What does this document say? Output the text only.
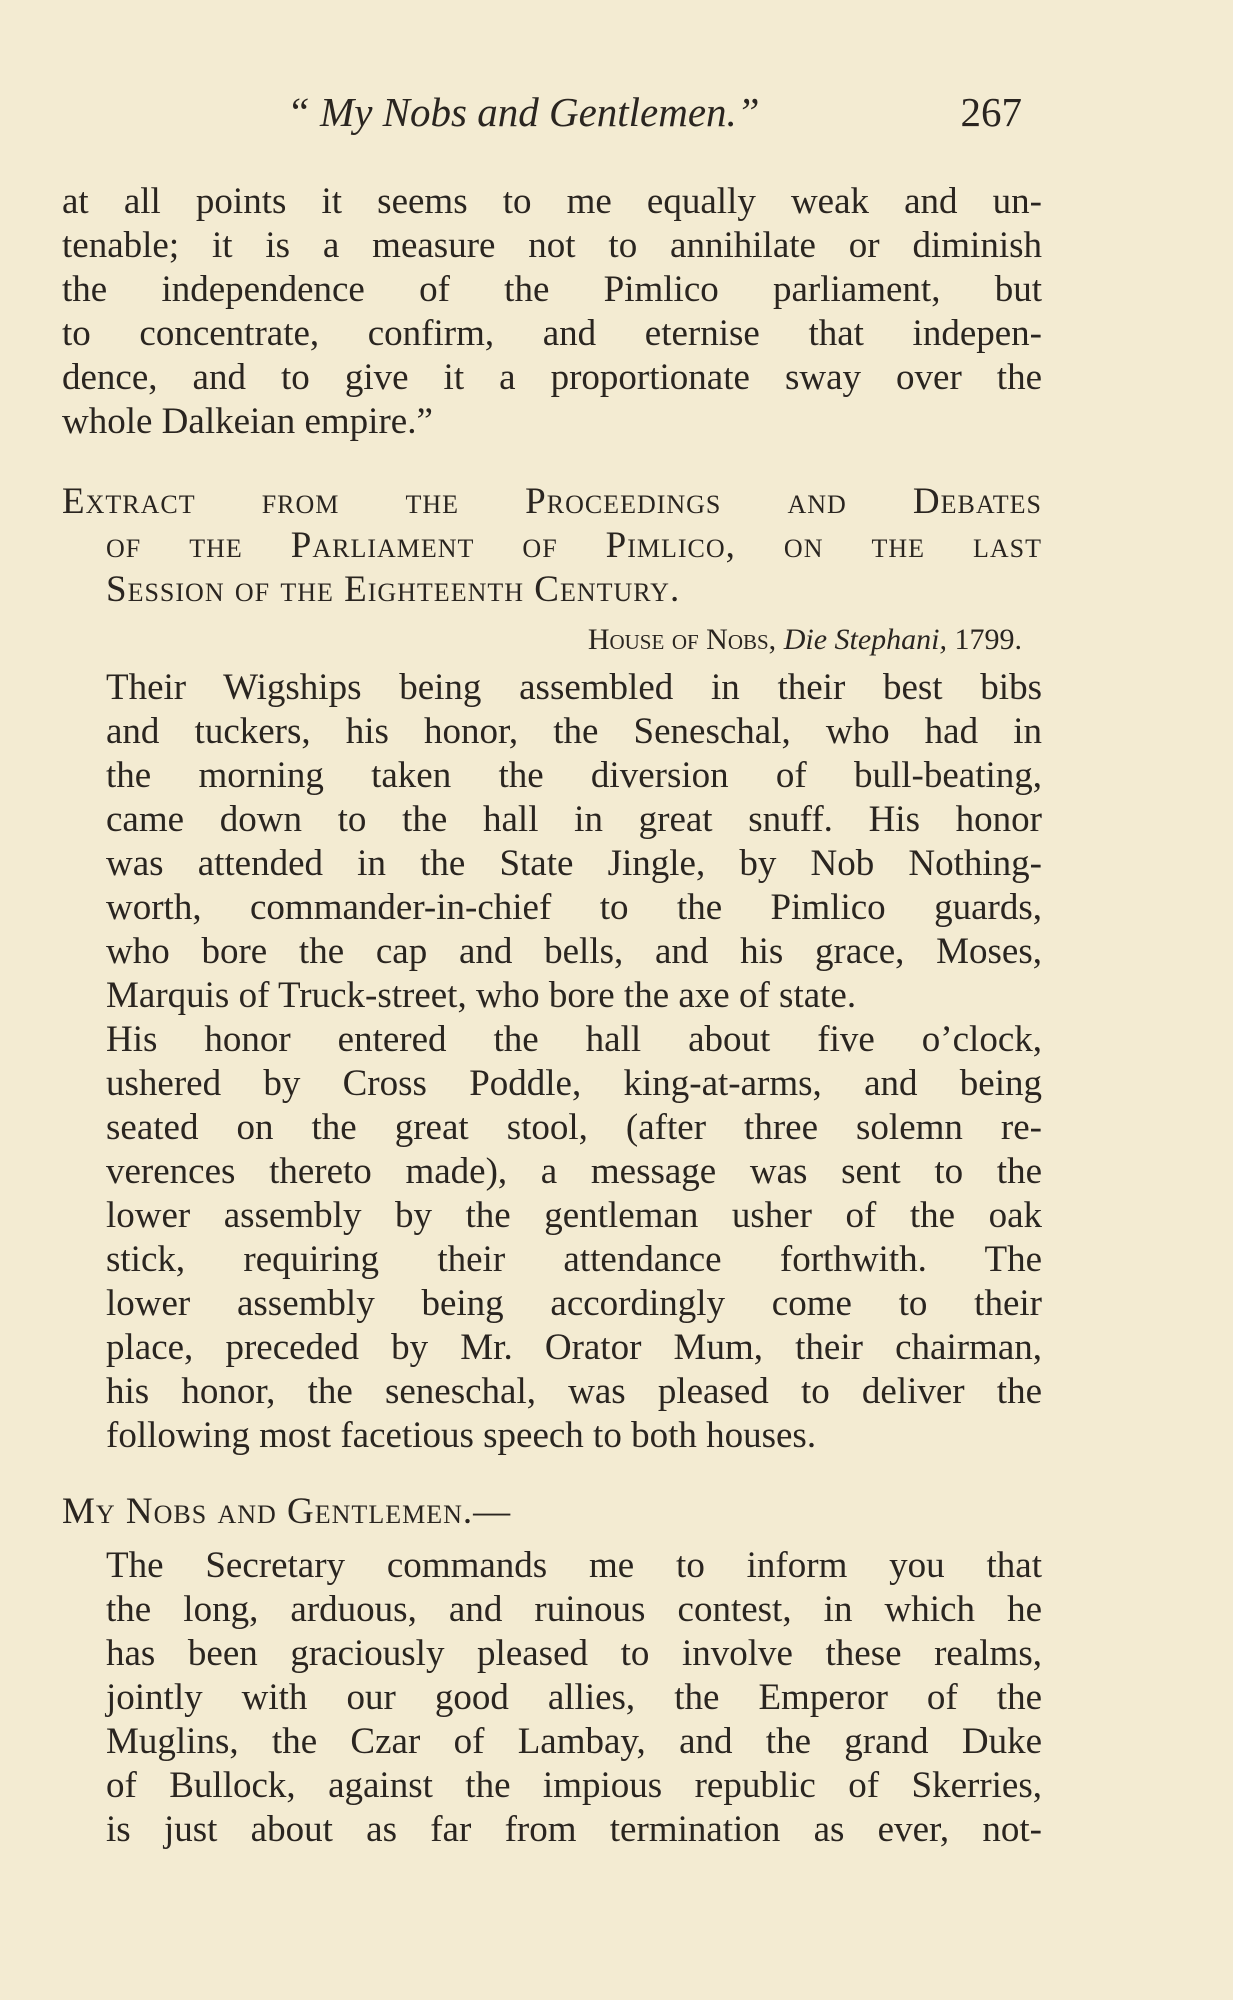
“ My Nobs and Gentlemen.”	267

at all points it seems to me equally weak and un-
tenable; it is a measure not to annihilate or diminish
the independence of the Pimlico parliament, but
to concentrate, confirm, and eternise that indepen-
dence, and to give it a proportionate sway over the
whole Dalkeian empire.”

Extract from the Proceedings and Debates
of the Parliament of Pimlico, on the last
Session of the Eighteenth Century.

House of Nobs, Die Stephani, 1799.

Their Wigships being assembled in their best bibs
and tuckers, his honor, the Seneschal, who had in
the morning taken the diversion of bull-beating,
came down to the hall in great snuff. His honor
was attended in the State Jingle, by Nob Nothing-
worth, commander-in-chief to the Pimlico guards,
who bore the cap and bells, and his grace, Moses,
Marquis of Truck-street, who bore the axe of state.

His honor entered the hall about five o’clock,
ushered by Cross Poddle, king-at-arms, and being
seated on the great stool, (after three solemn re-
verences thereto made), a message was sent to the
lower assembly by the gentleman usher of the oak
stick, requiring their attendance forthwith. The
lower assembly being accordingly come to their
place, preceded by Mr. Orator Mum, their chairman,
his honor, the seneschal, was pleased to deliver the
following most facetious speech to both houses.

My Nobs and Gentlemen.—

The Secretary commands me to inform you that
the long, arduous, and ruinous contest, in which he
has been graciously pleased to involve these realms,
jointly with our good allies, the Emperor of the
Muglins, the Czar of Lambay, and the grand Duke
of Bullock, against the impious republic of Skerries,
is just about as far from termination as ever, not-
